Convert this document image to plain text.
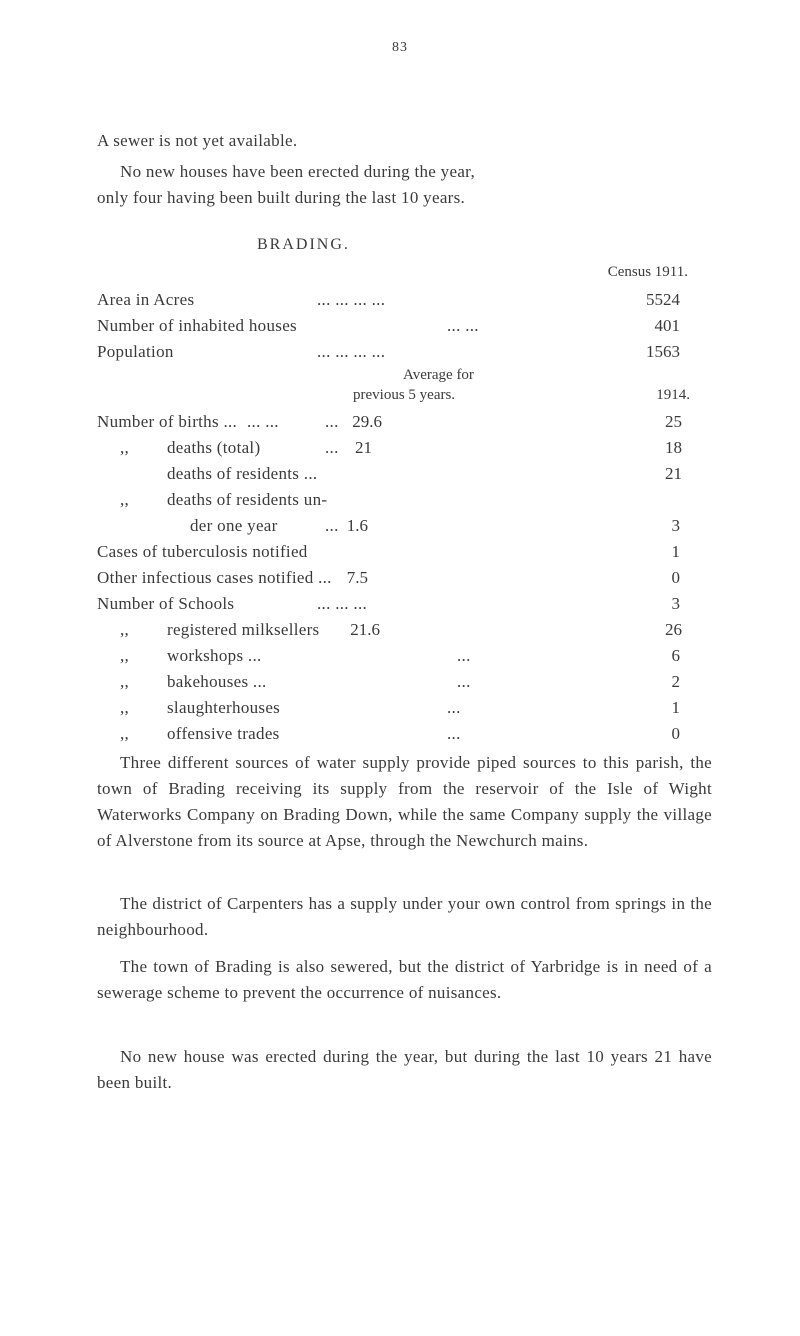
83
A sewer is not yet available.
No new houses have been erected during the year,
only four having been built during the last 10 years.
BRADING.
Census 1911.
Area in Acres	... ... ... ...	5524
Number of inhabited houses	... ...	401
Population	... ... ... ...	1563
Average for
previous 5 years.	1914.
Number of births ... ... ...	... 29.6	25
,, deaths (total)	... 21	18
deaths of residents ...	21
,, deaths of residents un-
der one year	... 1.6	3
Cases of tuberculosis notified	1
Other infectious cases notified ... 7.5	0
Number of Schools	... ... ...	3
,, registered milksellers 21.6	26
,, workshops ...	...	6
,, bakehouses ...	...	2
,, slaughterhouses	...	1
,, offensive trades	...	0
Three different sources of water supply provide piped sources to this parish, the town of Brading receiving its supply from the reservoir of the Isle of Wight Waterworks Company on Brading Down, while the same Company supply the village of Alverstone from its source at Apse, through the Newchurch mains.
The district of Carpenters has a supply under your own control from springs in the neighbourhood.
The town of Brading is also sewered, but the district of Yarbridge is in need of a sewerage scheme to prevent the occurrence of nuisances.
No new house was erected during the year, but during the last 10 years 21 have been built.
